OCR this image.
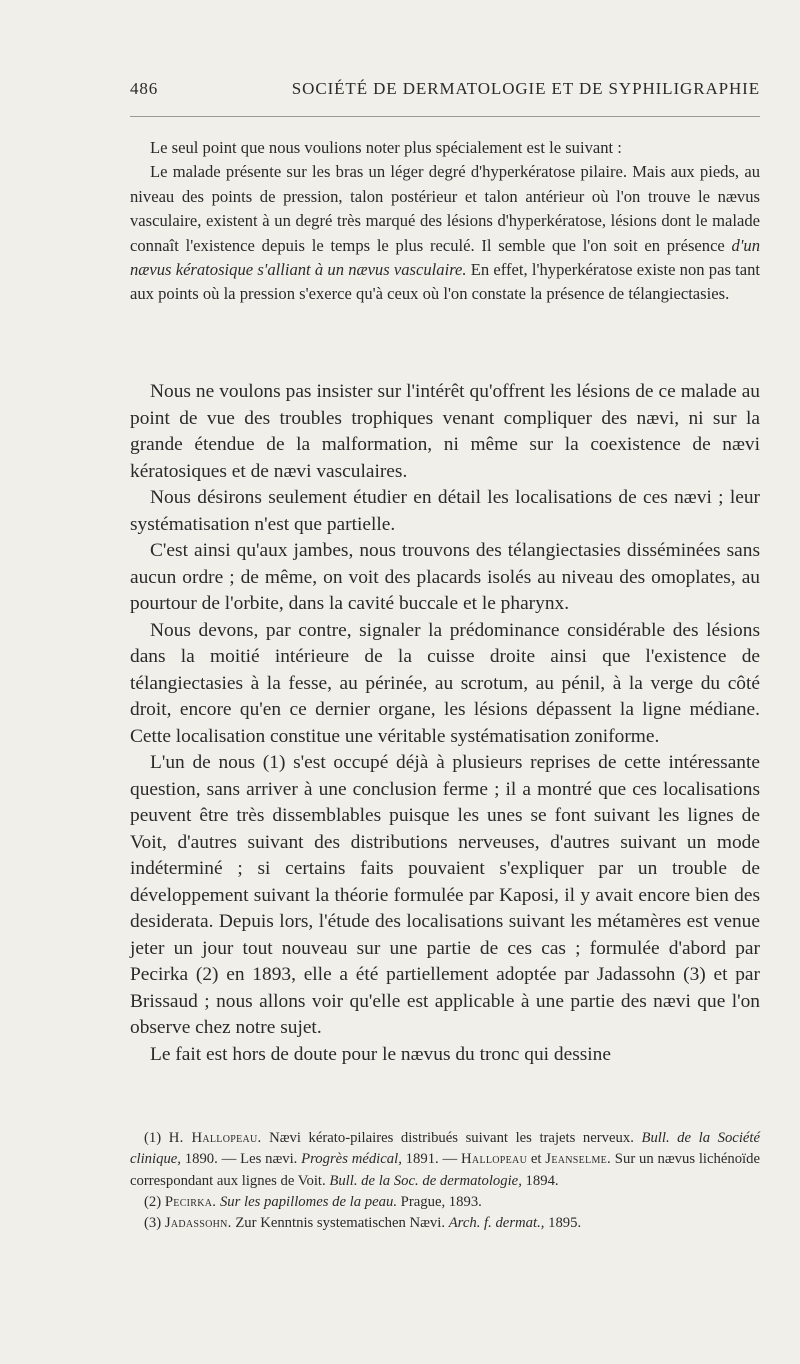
486	SOCIÉTÉ DE DERMATOLOGIE ET DE SYPHILIGRAPHIE

Le seul point que nous voulions noter plus spécialement est le suivant :

Le malade présente sur les bras un léger degré d'hyperkératose pilaire. Mais aux pieds, au niveau des points de pression, talon postérieur et talon antérieur où l'on trouve le nævus vasculaire, existent à un degré très marqué des lésions d'hyperkératose, lésions dont le malade connaît l'existence depuis le temps le plus reculé. Il semble que l'on soit en présence d'un nævus kératosique s'alliant à un nævus vasculaire. En effet, l'hyperkératose existe non pas tant aux points où la pression s'exerce qu'à ceux où l'on constate la présence de télangiectasies.

Nous ne voulons pas insister sur l'intérêt qu'offrent les lésions de ce malade au point de vue des troubles trophiques venant compliquer des nævi, ni sur la grande étendue de la malformation, ni même sur la coexistence de nævi kératosiques et de nævi vasculaires.

Nous désirons seulement étudier en détail les localisations de ces nævi ; leur systématisation n'est que partielle.

C'est ainsi qu'aux jambes, nous trouvons des télangiectasies disséminées sans aucun ordre ; de même, on voit des placards isolés au niveau des omoplates, au pourtour de l'orbite, dans la cavité buccale et le pharynx.

Nous devons, par contre, signaler la prédominance considérable des lésions dans la moitié intérieure de la cuisse droite ainsi que l'existence de télangiectasies à la fesse, au périnée, au scrotum, au pénil, à la verge du côté droit, encore qu'en ce dernier organe, les lésions dépassent la ligne médiane. Cette localisation constitue une véritable systématisation zoniforme.

L'un de nous (1) s'est occupé déjà à plusieurs reprises de cette intéressante question, sans arriver à une conclusion ferme ; il a montré que ces localisations peuvent être très dissemblables puisque les unes se font suivant les lignes de Voit, d'autres suivant des distributions nerveuses, d'autres suivant un mode indéterminé ; si certains faits pouvaient s'expliquer par un trouble de développement suivant la théorie formulée par Kaposi, il y avait encore bien des desiderata. Depuis lors, l'étude des localisations suivant les métamères est venue jeter un jour tout nouveau sur une partie de ces cas ; formulée d'abord par Pecirka (2) en 1893, elle a été partiellement adoptée par Jadassohn (3) et par Brissaud ; nous allons voir qu'elle est applicable à une partie des nævi que l'on observe chez notre sujet.

Le fait est hors de doute pour le nævus du tronc qui dessine

(1) H. Hallopeau. Nævi kérato-pilaires distribués suivant les trajets nerveux. Bull. de la Société clinique, 1890. — Les nævi. Progrès médical, 1891. — Hallopeau et Jeanselme. Sur un nævus lichénoïde correspondant aux lignes de Voit. Bull. de la Soc. de dermatologie, 1894.

(2) Pecirka. Sur les papillomes de la peau. Prague, 1893.

(3) Jadassohn. Zur Kenntnis systematischen Nævi. Arch. f. dermat., 1895.
